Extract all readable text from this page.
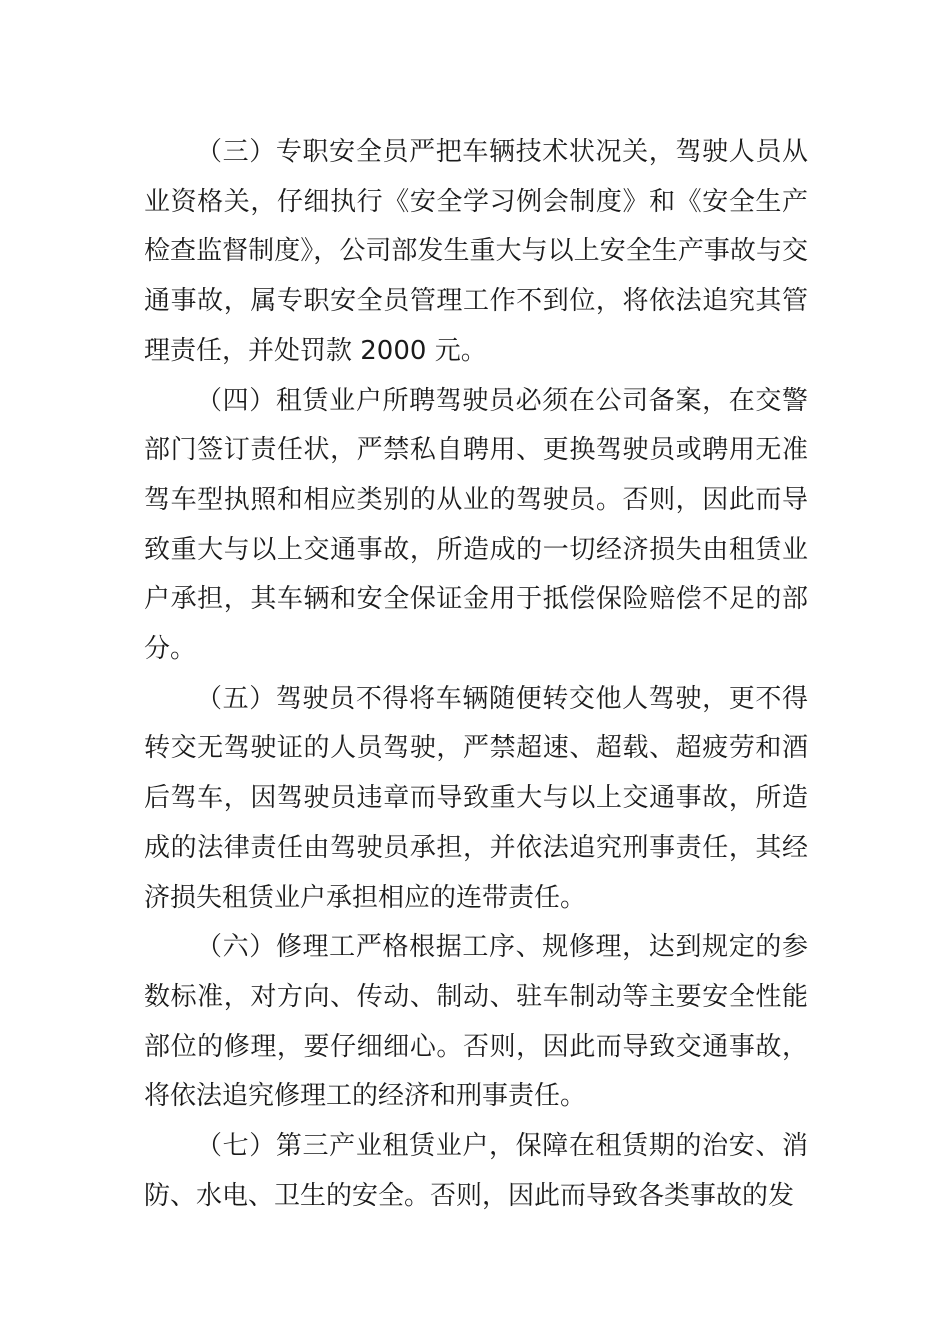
（三）专职安全员严把车辆技术状况关，驾驶人员从业资格关，仔细执行《安全学习例会制度》和《安全生产检查监督制度》，公司部发生重大与以上安全生产事故与交通事故，属专职安全员管理工作不到位，将依法追究其管理责任，并处罚款 2000 元。

（四）租赁业户所聘驾驶员必须在公司备案，在交警部门签订责任状，严禁私自聘用、更换驾驶员或聘用无准驾车型执照和相应类别的从业的驾驶员。否则，因此而导致重大与以上交通事故，所造成的一切经济损失由租赁业户承担，其车辆和安全保证金用于抵偿保险赔偿不足的部分。

（五）驾驶员不得将车辆随便转交他人驾驶，更不得转交无驾驶证的人员驾驶，严禁超速、超载、超疲劳和酒后驾车，因驾驶员违章而导致重大与以上交通事故，所造成的法律责任由驾驶员承担，并依法追究刑事责任，其经济损失租赁业户承担相应的连带责任。

（六）修理工严格根据工序、规修理，达到规定的参数标准，对方向、传动、制动、驻车制动等主要安全性能部位的修理，要仔细细心。否则，因此而导致交通事故，将依法追究修理工的经济和刑事责任。

（七）第三产业租赁业户，保障在租赁期的治安、消防、水电、卫生的安全。否则，因此而导致各类事故的发
